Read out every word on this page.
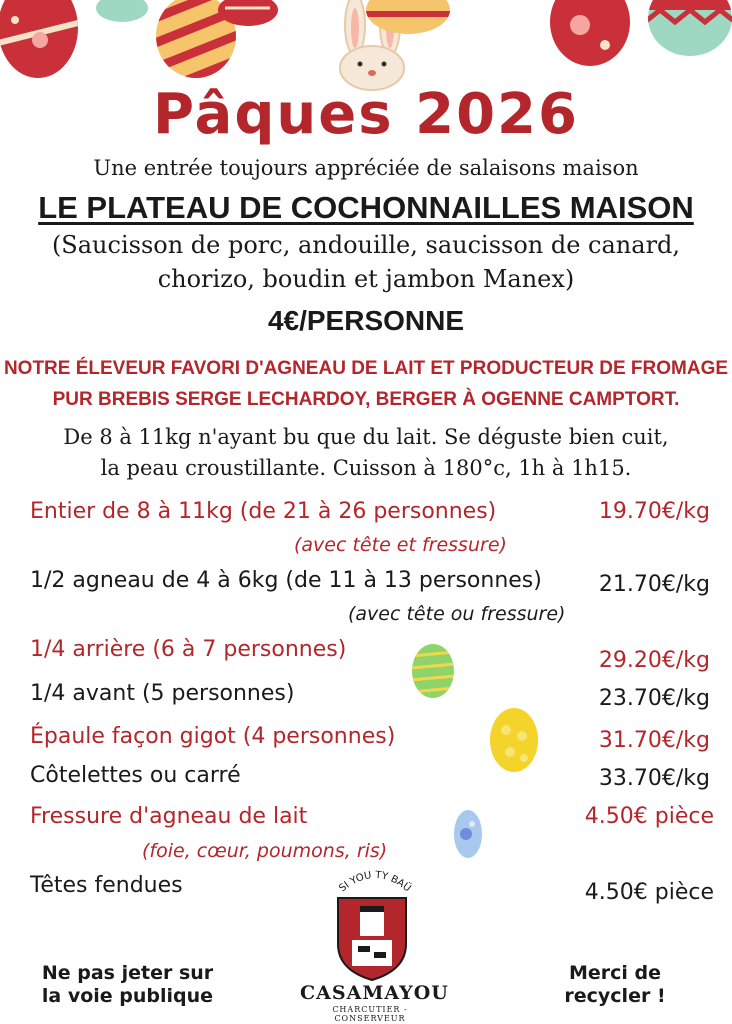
Pâques 2026
Une entrée toujours appréciée de salaisons maison
LE PLATEAU DE COCHONNAILLES MAISON
(Saucisson de porc, andouille, saucisson de canard,
chorizo, boudin et jambon Manex)
4€/PERSONNE
NOTRE ÉLEVEUR FAVORI D'AGNEAU DE LAIT ET PRODUCTEUR DE FROMAGE
PUR BREBIS SERGE LECHARDOY, BERGER À OGENNE CAMPTORT.
De 8 à 11kg n'ayant bu que du lait. Se déguste bien cuit,
la peau croustillante. Cuisson à 180°c, 1h à 1h15.
Entier de 8 à 11kg (de 21 à 26 personnes)	19.70€/kg
(avec tête et fressure)
1/2 agneau de 4 à 6kg (de 11 à 13 personnes)	21.70€/kg
(avec tête ou fressure)
1/4 arrière (6 à 7 personnes)	29.20€/kg
1/4 avant (5 personnes)	23.70€/kg
Épaule façon gigot (4 personnes)	31.70€/kg
Côtelettes ou carré	33.70€/kg
Fressure d'agneau de lait	4.50€ pièce
(foie, cœur, poumons, ris)
Têtes fendues	4.50€ pièce
Ne pas jeter sur
la voie publique
Merci de
recycler !
SI YOU TY BAÜ
CASAMAYOU
CHARCUTIER - CONSERVEUR
